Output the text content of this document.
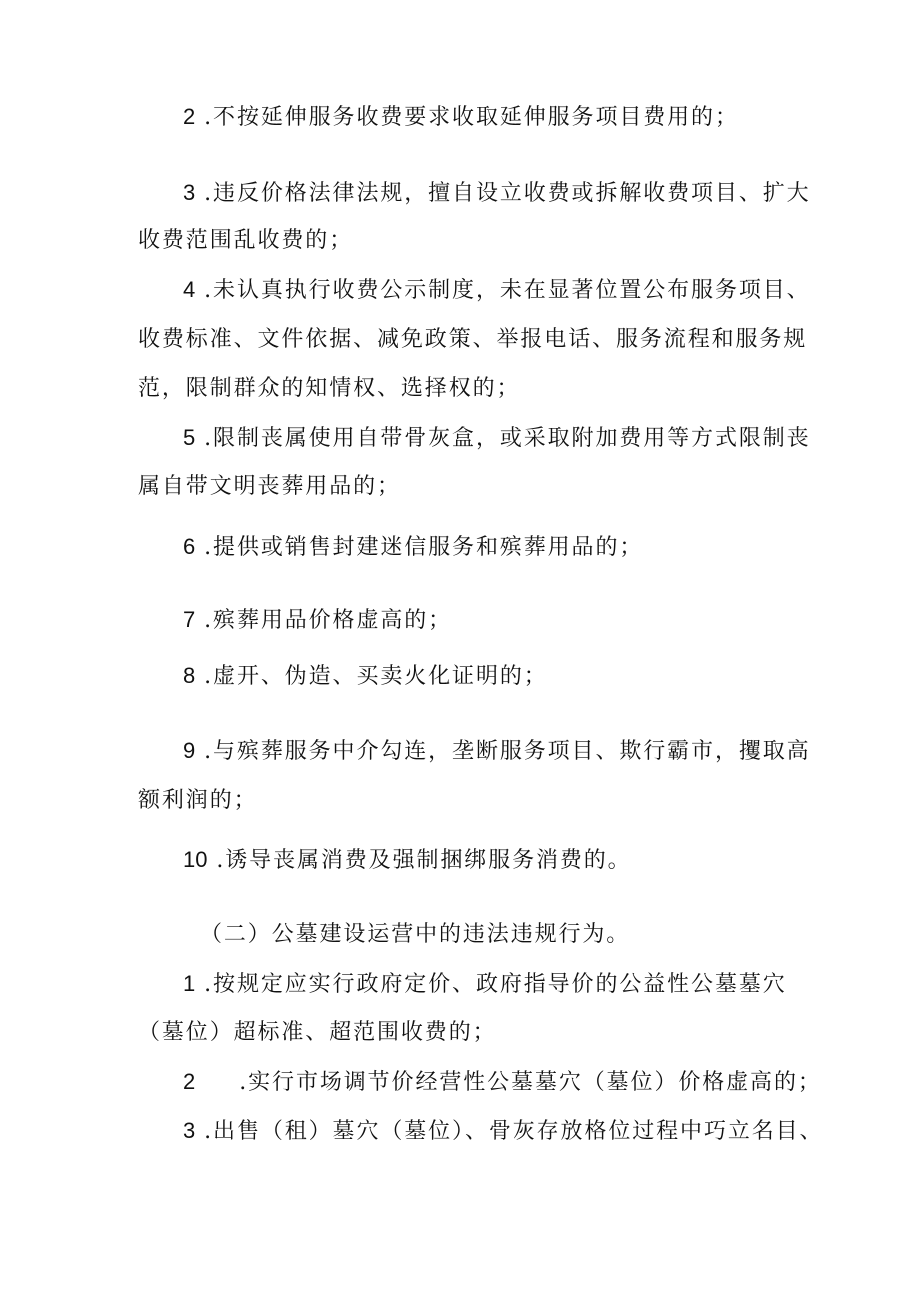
2 .不按延伸服务收费要求收取延伸服务项目费用的；
3 .违反价格法律法规，擅自设立收费或拆解收费项目、扩大
收费范围乱收费的；
4 .未认真执行收费公示制度，未在显著位置公布服务项目、
收费标准、文件依据、减免政策、举报电话、服务流程和服务规
范，限制群众的知情权、选择权的；
5 .限制丧属使用自带骨灰盒，或采取附加费用等方式限制丧
属自带文明丧葬用品的；
6 .提供或销售封建迷信服务和殡葬用品的；
7 .殡葬用品价格虚高的；
8 .虚开、伪造、买卖火化证明的；
9 .与殡葬服务中介勾连，垄断服务项目、欺行霸市，攫取高
额利润的；
10 .诱导丧属消费及强制捆绑服务消费的。
（二）公墓建设运营中的违法违规行为。
1 .按规定应实行政府定价、政府指导价的公益性公墓墓穴
（墓位）超标准、超范围收费的；
2 .实行市场调节价经营性公墓墓穴（墓位）价格虚高的；
3 .出售（租）墓穴（墓位）、骨灰存放格位过程中巧立名目、
